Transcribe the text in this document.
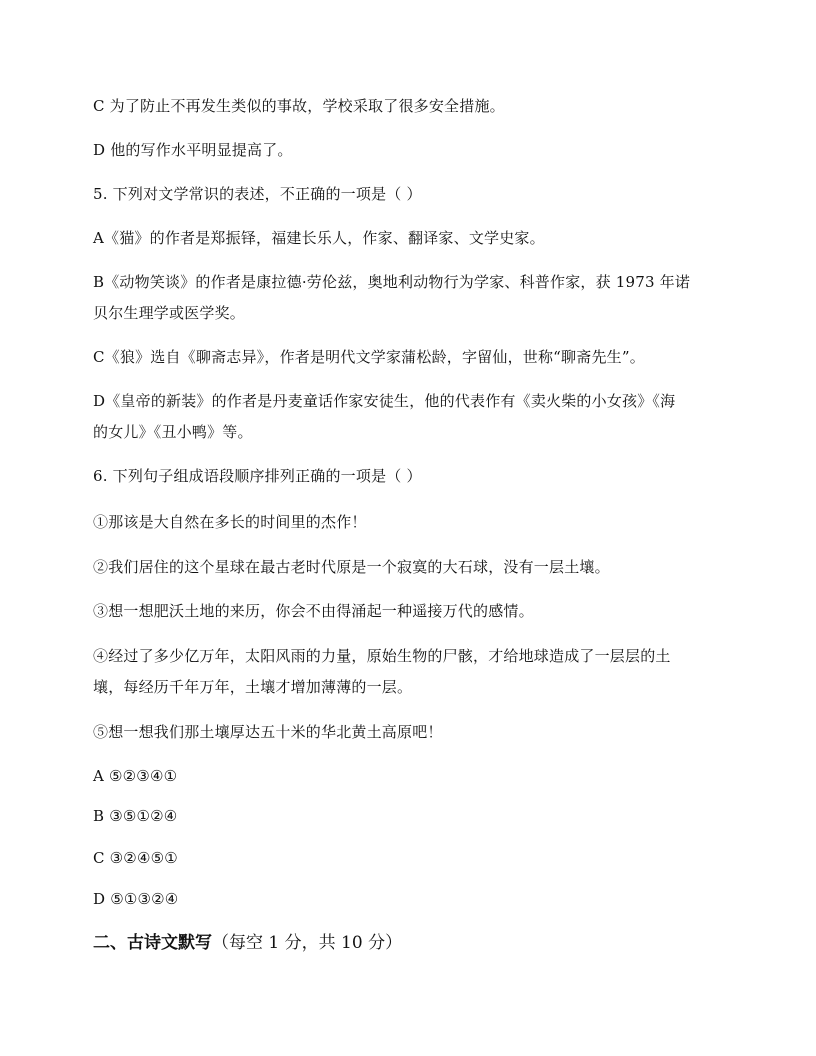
C 为了防止不再发生类似的事故，学校采取了很多安全措施。
D 他的写作水平明显提高了。
5. 下列对文学常识的表述，不正确的一项是（ ）
A《猫》的作者是郑振铎，福建长乐人，作家、翻译家、文学史家。
B《动物笑谈》的作者是康拉德·劳伦兹，奥地利动物行为学家、科普作家，获 1973 年诺
贝尔生理学或医学奖。
C《狼》选自《聊斋志异》，作者是明代文学家蒲松龄，字留仙，世称“聊斋先生”。
D《皇帝的新装》的作者是丹麦童话作家安徒生，他的代表作有《卖火柴的小女孩》《海
的女儿》《丑小鸭》等。
6. 下列句子组成语段顺序排列正确的一项是（ ）
①那该是大自然在多长的时间里的杰作！
②我们居住的这个星球在最古老时代原是一个寂寞的大石球，没有一层土壤。
③想一想肥沃土地的来历，你会不由得涌起一种遥接万代的感情。
④经过了多少亿万年，太阳风雨的力量，原始生物的尸骸，才给地球造成了一层层的土
壤，每经历千年万年，土壤才增加薄薄的一层。
⑤想一想我们那土壤厚达五十米的华北黄土高原吧！
A ⑤②③④①
B ③⑤①②④
C ③②④⑤①
D ⑤①③②④
二、古诗文默写（每空 1 分，共 10 分）
